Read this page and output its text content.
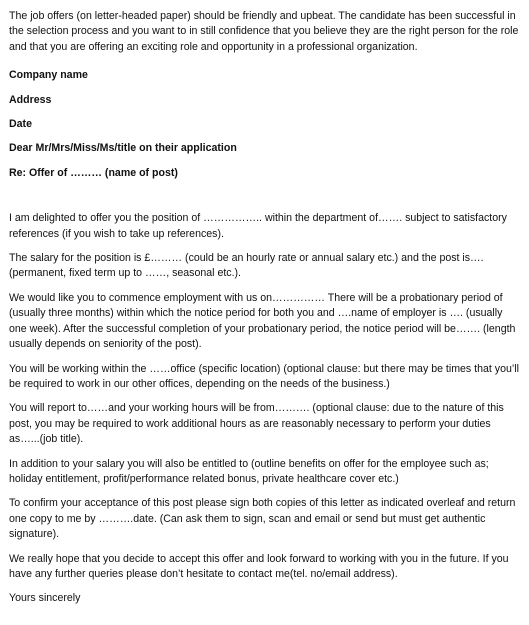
The job offers (on letter-headed paper) should be friendly and upbeat. The candidate has been successful in the selection process and you want to in still confidence that you believe they are the right person for the role and that you are offering an exciting role and opportunity in a professional organization.

Company name

Address

Date

Dear Mr/Mrs/Miss/Ms/title on their application

Re: Offer of ……… (name of post)

I am delighted to offer you the position of …………….. within the department of……. subject to satisfactory references (if you wish to take up references).

The salary for the position is £……… (could be an hourly rate or annual salary etc.) and the post is…. (permanent, fixed term up to ……, seasonal etc.).

We would like you to commence employment with us on…………… There will be a probationary period of (usually three months) within which the notice period for both you and ….name of employer is …. (usually one week). After the successful completion of your probationary period, the notice period will be……. (length usually depends on seniority of the post).

You will be working within the ……office (specific location) (optional clause: but there may be times that you’ll be required to work in our other offices, depending on the needs of the business.)

You will report to……and your working hours will be from………. (optional clause: due to the nature of this post, you may be required to work additional hours as are reasonably necessary to perform your duties as…...(job title).

In addition to your salary you will also be entitled to (outline benefits on offer for the employee such as; holiday entitlement, profit/performance related bonus, private healthcare cover etc.)

To confirm your acceptance of this post please sign both copies of this letter as indicated overleaf and return one copy to me by ……….date. (Can ask them to sign, scan and email or send but must get authentic signature).

We really hope that you decide to accept this offer and look forward to working with you in the future. If you have any further queries please don’t hesitate to contact me(tel. no/email address).

Yours sincerely
